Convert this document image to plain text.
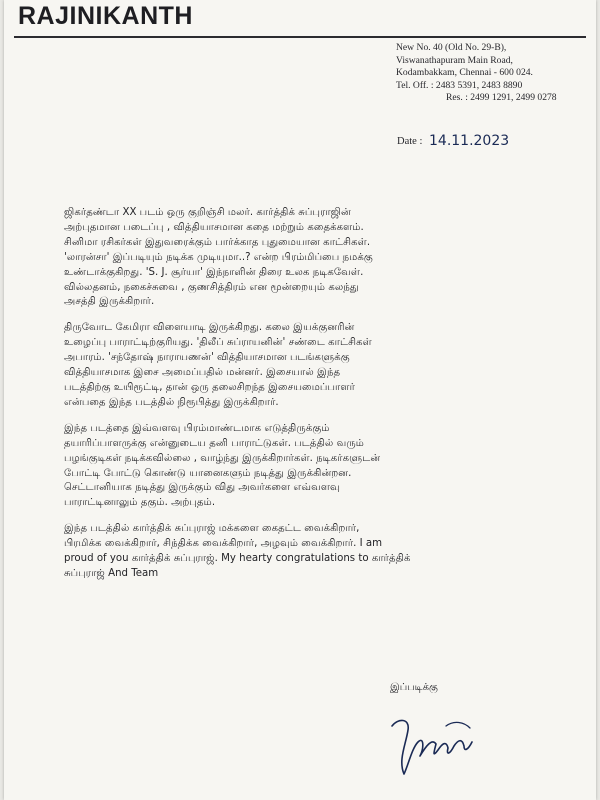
RAJINIKANTH
New No. 40 (Old No. 29-B),
Viswanathapuram Main Road,
Kodambakkam, Chennai - 600 024.
Tel. Off. : 2483 5391, 2483 8890
Res. : 2499 1291, 2499 0278
Date : 14.11.2023
ஜிகர்தண்டா XX படம் ஒரு குறிஞ்சி மலர். கார்த்திக் சுப்புராஜின்
அற்புதமான படைப்பு , வித்தியாசமான கதை மற்றும் கதைக்களம்.
சினிமா ரசிகர்கள் இதுவரைக்கும் பார்க்காத புதுமையான காட்சிகள்.
'லாரன்சா' இப்படியும் நடிக்க முடியுமா..? என்ற பிரம்மிப்பை நமக்கு
உண்டாக்குகிறது. 'S. J. சூர்யா' இந்நாளின் திரை உலக நடிகவேள்.
வில்லதனம், நகைச்சுவை , குணசித்திரம் என மூன்றையும் கலந்து
அசத்தி இருக்கிறார்.
திருவோட கேமிரா விளையாடி இருக்கிறது. கலை இயக்குனரின்
உழைப்பு பாராட்டிற்குரியது. 'திலீப் சுப்ராயனின்' சண்டை காட்சிகள்
அபாரம். 'சந்தோஷ் நாராயணன்' வித்தியாசமான படங்களுக்கு
வித்தியாசமாக இசை அமைப்பதில் மன்னர். இசையால் இந்த
படத்திற்கு உயிரூட்டி, தான் ஒரு தலைசிறந்த இசையமைப்பாளர்
என்பதை இந்த படத்தில் நிரூபித்து இருக்கிறார்.
இந்த படத்தை இவ்வளவு பிரம்மாண்டமாக எடுத்திருக்கும்
தயாரிப்பாளருக்கு என்னுடைய தனி பாராட்டுகள். படத்தில் வரும்
பழங்குடிகள் நடிக்கவில்லை , வாழ்ந்து இருக்கிறார்கள். நடிகர்களுடன்
போட்டி போட்டு கொண்டு யானைகளும் நடித்து இருக்கின்றன.
செட்டானியாக நடித்து இருக்கும் விது அவர்களை எவ்வளவு
பாராட்டினாலும் தகும். அற்புதம்.
இந்த படத்தில் கார்த்திக் சுப்புராஜ் மக்களை கைதட்ட வைக்கிறார்,
பிரமிக்க வைக்கிறார், சிந்திக்க வைக்கிறார், அழவும் வைக்கிறார். I am
proud of you கார்த்திக் சுப்புராஜ். My hearty congratulations to கார்த்திக்
சுப்புராஜ் And Team
இப்படிக்கு
